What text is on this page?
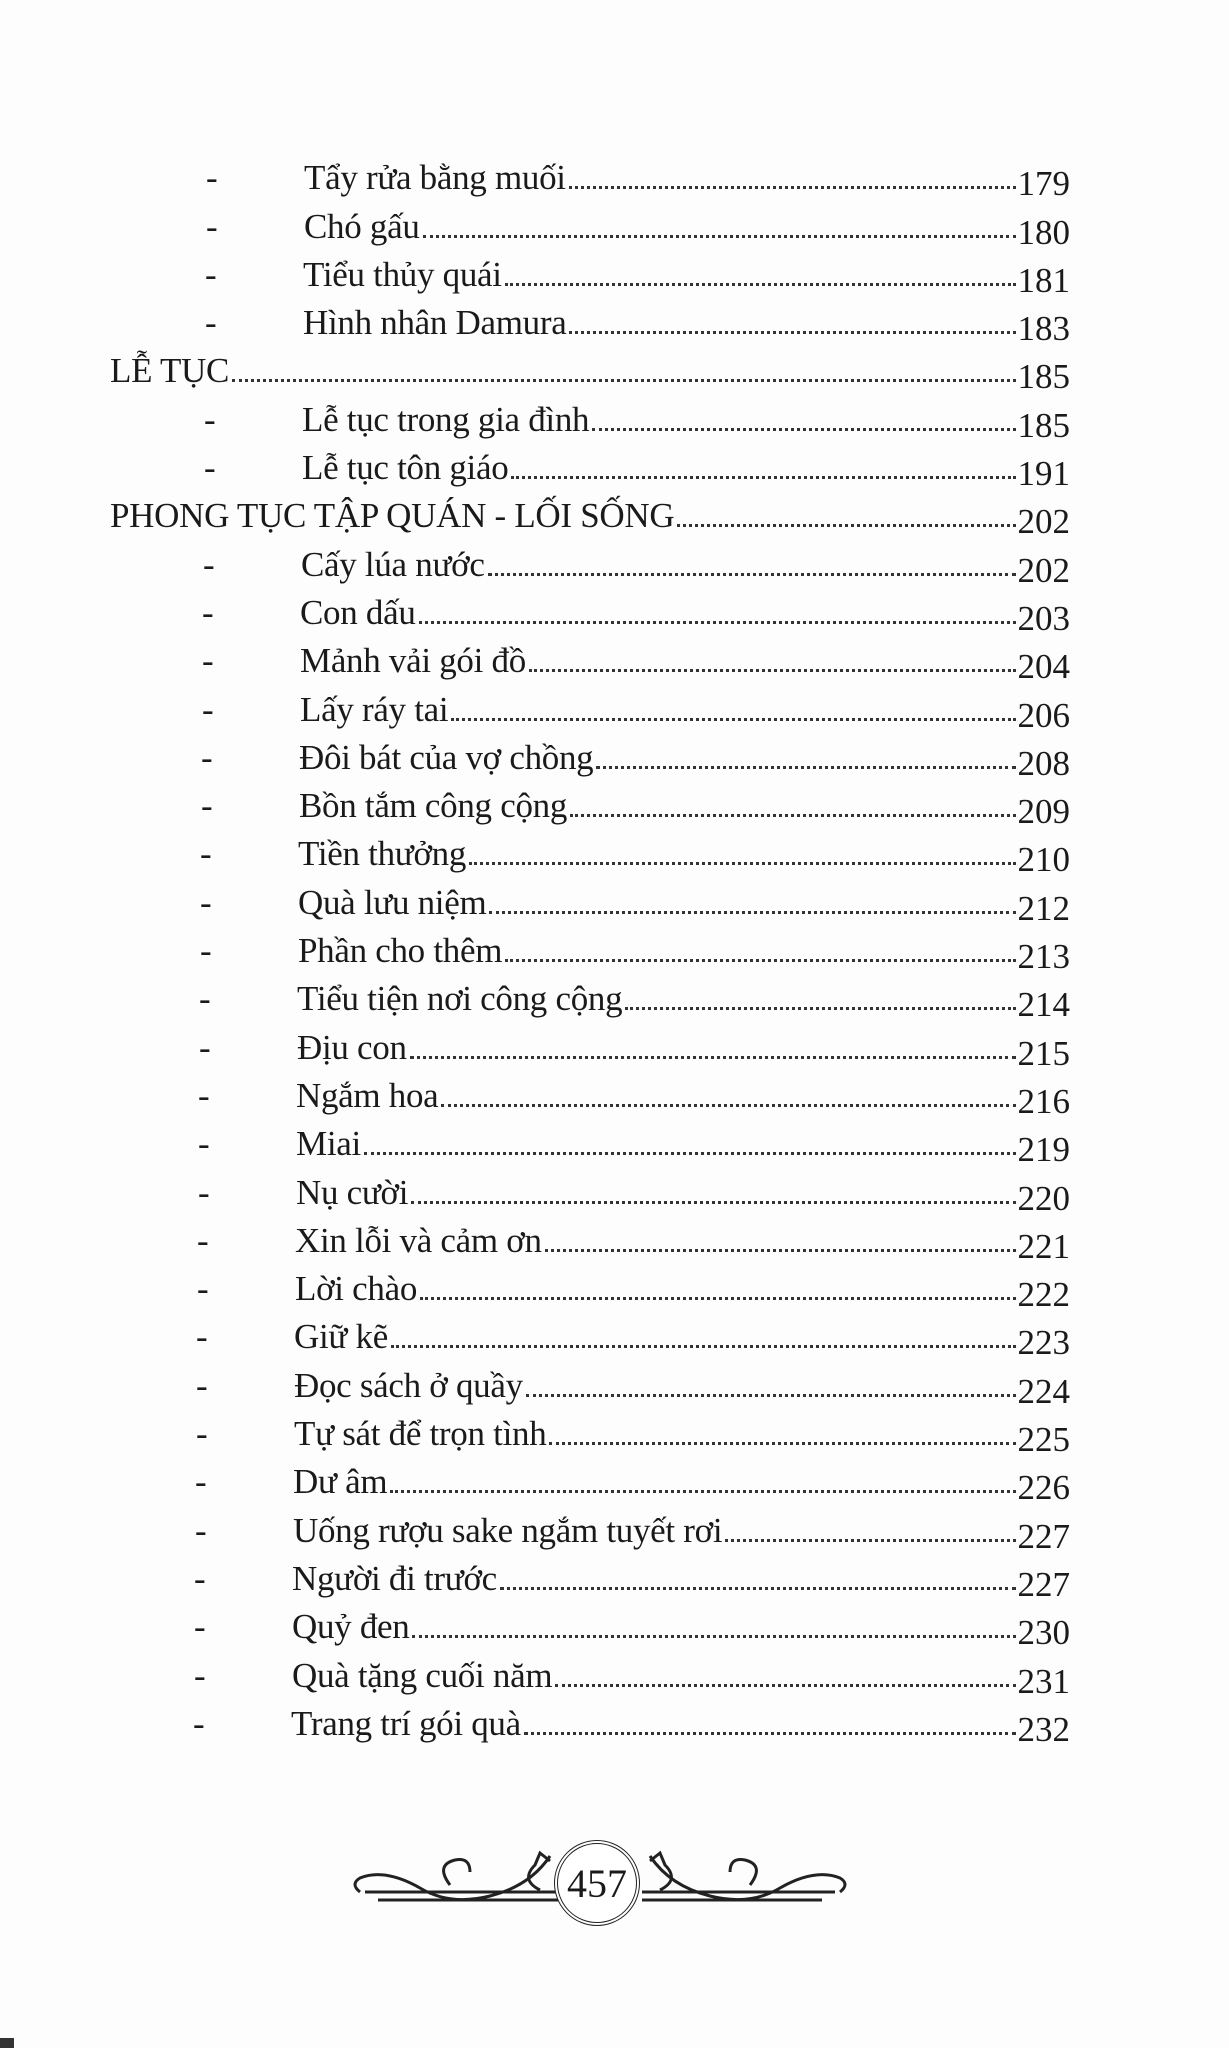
-	Tẩy rửa bằng muối	179
-	Chó gấu	180
-	Tiểu thủy quái	181
-	Hình nhân Damura	183
LỄ TỤC	185
-	Lễ tục trong gia đình	185
-	Lễ tục tôn giáo	191
PHONG TỤC TẬP QUÁN - LỐI SỐNG	202
-	Cấy lúa nước	202
-	Con dấu	203
-	Mảnh vải gói đồ	204
-	Lấy ráy tai	206
-	Đôi bát của vợ chồng	208
-	Bồn tắm công cộng	209
-	Tiền thưởng	210
-	Quà lưu niệm	212
-	Phần cho thêm	213
-	Tiểu tiện nơi công cộng	214
-	Địu con	215
-	Ngắm hoa	216
-	Miai	219
-	Nụ cười	220
-	Xin lỗi và cảm ơn	221
-	Lời chào	222
-	Giữ kẽ	223
-	Đọc sách ở quầy	224
-	Tự sát để trọn tình	225
-	Dư âm	226
-	Uống rượu sake ngắm tuyết rơi	227
-	Người đi trước	227
-	Quỷ đen	230
-	Quà tặng cuối năm	231
-	Trang trí gói quà	232
457
